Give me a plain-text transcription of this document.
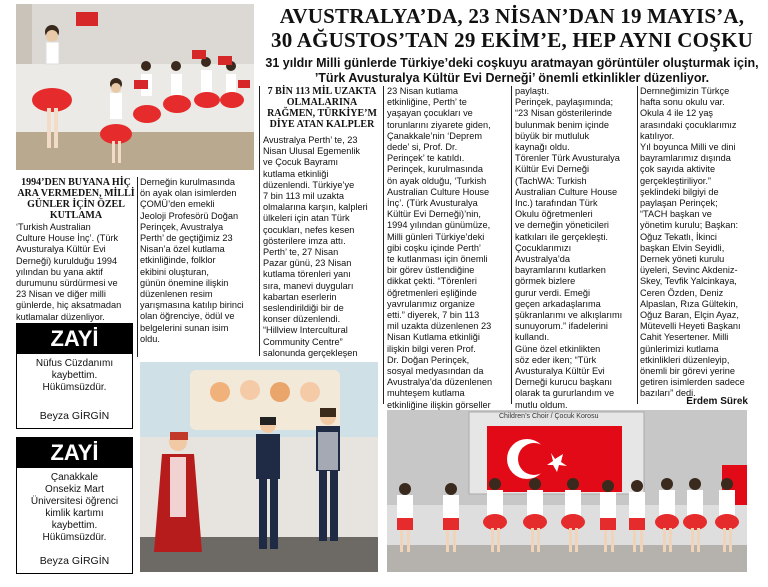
AVUSTRALYA’DA, 23 NİSAN’DAN 19 MAYIS’A,
30 AĞUSTOS’TAN 29 EKİM’E, HEP AYNI COŞKU
31 yıldır Milli günlerde Türkiye’deki coşkuyu aratmayan görüntüler oluşturmak için,
’Türk Avusturalya Kültür Evi Derneği’ önemli etkinlikler düzenliyor.
1994’DEN BUYANA HİÇ ARA VERMEDEN, MİLLİ GÜNLER İÇİN ÖZEL KUTLAMA
‘Turkish Australian
Culture House İnç’. (Türk
Avusturalya Kültür Evi
Derneği) kurulduğu 1994
yılından bu yana aktif
durumunu sürdürmesi ve
23 Nisan ve diğer milli
günlerde, hiç aksatmadan
kutlamalar düzenliyor.
Derneğin kurulmasında
ön ayak olan isimlerden
ÇOMÜ’den emekli
Jeoloji Profesörü Doğan
Perinçek, Avustralya
Perth’ de geçtiğimiz 23
Nisan’a özel kutlama
etkinliğinde, folklor
ekibini oluşturan,
günün önemine ilişkin
düzenlenen resim
yarışmasına katılıp birinci
olan öğrenciye, ödül ve
belgelerini sunan isim
oldu.
7 BİN 113 MİL UZAKTA OLMALARINA RAĞMEN, TÜRKİYE’M DİYE ATAN KALPLER
Avustralya Perth’ te, 23
Nisan Ulusal Egemenlik
ve Çocuk Bayramı
kutlama etkinliği
düzenlendi. Türkiye’ye
7 bin 113 mil uzakta
olmalarına karşın, kalpleri
ülkeleri için atan Türk
çocukları, nefes kesen
gösterilere imza attı.
Perth’ te, 27 Nisan
Pazar günü, 23 Nisan
kutlama törenleri yanı
sıra, manevi duyguları
kabartan eserlerin
seslendirildiği bir de
konser düzenlendi.
“Hillview Intercultural
Community Centre”
salonunda gerçekleşen
23 Nisan kutlama
etkinliğine, Perth’ te
yaşayan çocukları ve
torunlarını ziyarete giden,
Çanakkale’nin ‘Deprem
dede’ si, Prof. Dr.
Perinçek’ te katıldı.
Perinçek, kurulmasında
ön ayak olduğu, ‘Turkish
Australian Culture House
İnç’. (Türk Avusturalya
Kültür Evi Derneği)’nin,
1994 yılından günümüze,
Milli günleri Türkiye’deki
gibi coşku içinde Perth’
te kutlanması için önemli
bir görev üstlendiğine
dikkat çekti. “Törenleri
öğretmenleri eşliğinde
yavrularımız organize
etti.” diyerek, 7 bin 113
mil uzakta düzenlenen 23
Nisan Kutlama etkinliği
ilişkin bilgi veren Prof.
Dr. Doğan Perinçek,
sosyal medyasından da
Avustralya’da düzenlenen
muhteşem kutlama
etkinliğine ilişkin görseller
paylaştı.
Perinçek, paylaşımında;
“23 Nisan gösterilerinde
bulunmak benim içinde
büyük bir mutluluk
kaynağı oldu.
Törenler Türk Avusturalya
Kültür Evi Derneği
(TachWA: Turkish
Australian Culture House
Inc.) tarafından Türk
Okulu öğretmenleri
ve derneğin yöneticileri
katkıları ile gerçekleşti.
Çocuklarımızı
Avustralya’da
bayramlarını kutlarken
görmek bizlere
gurur verdi. Emeği
geçen arkadaşlarıma
şükranlarımı ve alkışlarımı
sunuyorum.” ifadelerini
kullandı.
Güne özel etkinlikten
söz eder iken; “Türk
Avusturalya Kültür Evi
Derneği kurucu başkanı
olarak ta gururlandım ve
mutlu oldum.
Dernneğimizin Türkçe
hafta sonu okulu var.
Okula 4 ile 12 yaş
arasındaki çocuklarımız
katılıyor.
Yıl boyunca Milli ve dini
bayramlarımız dışında
çok sayıda aktivite
gerçekleştiriliyor.”
şeklindeki bilgiyi de
paylaşan Perinçek;
“TACH başkan ve
yönetim kurulu; Başkan:
Oğuz Tekatlı, İkinci
başkan Elvin Seyidli,
Dernek yöneti kurulu
üyeleri, Sevinc Akdeniz-
Skey, Tevfik Yalcinkaya,
Ceren Özden, Deniz
Alpaslan, Rıza Gültekin,
Oğuz Baran, Elçin Ayaz,
Mütevelli Heyeti Başkanı
Cahit Yesertener. Milli
günlerimizi kutlama
etkinlikleri düzenleyip,
önemli bir görevi yerine
getiren isimlerden sadece
bazıları” dedi.
Erdem Sürek
ZAYİ
Nüfus Cüzdanımı
kaybettim.
Hükümsüzdür.
Beyza GİRGİN
ZAYİ
Çanakkale
Onsekiz Mart
Üniversitesi öğrenci
kimlik kartımı
kaybettim.
Hükümsüzdür.
Beyza GİRGİN
Children’s Choir / Çocuk Korosu
